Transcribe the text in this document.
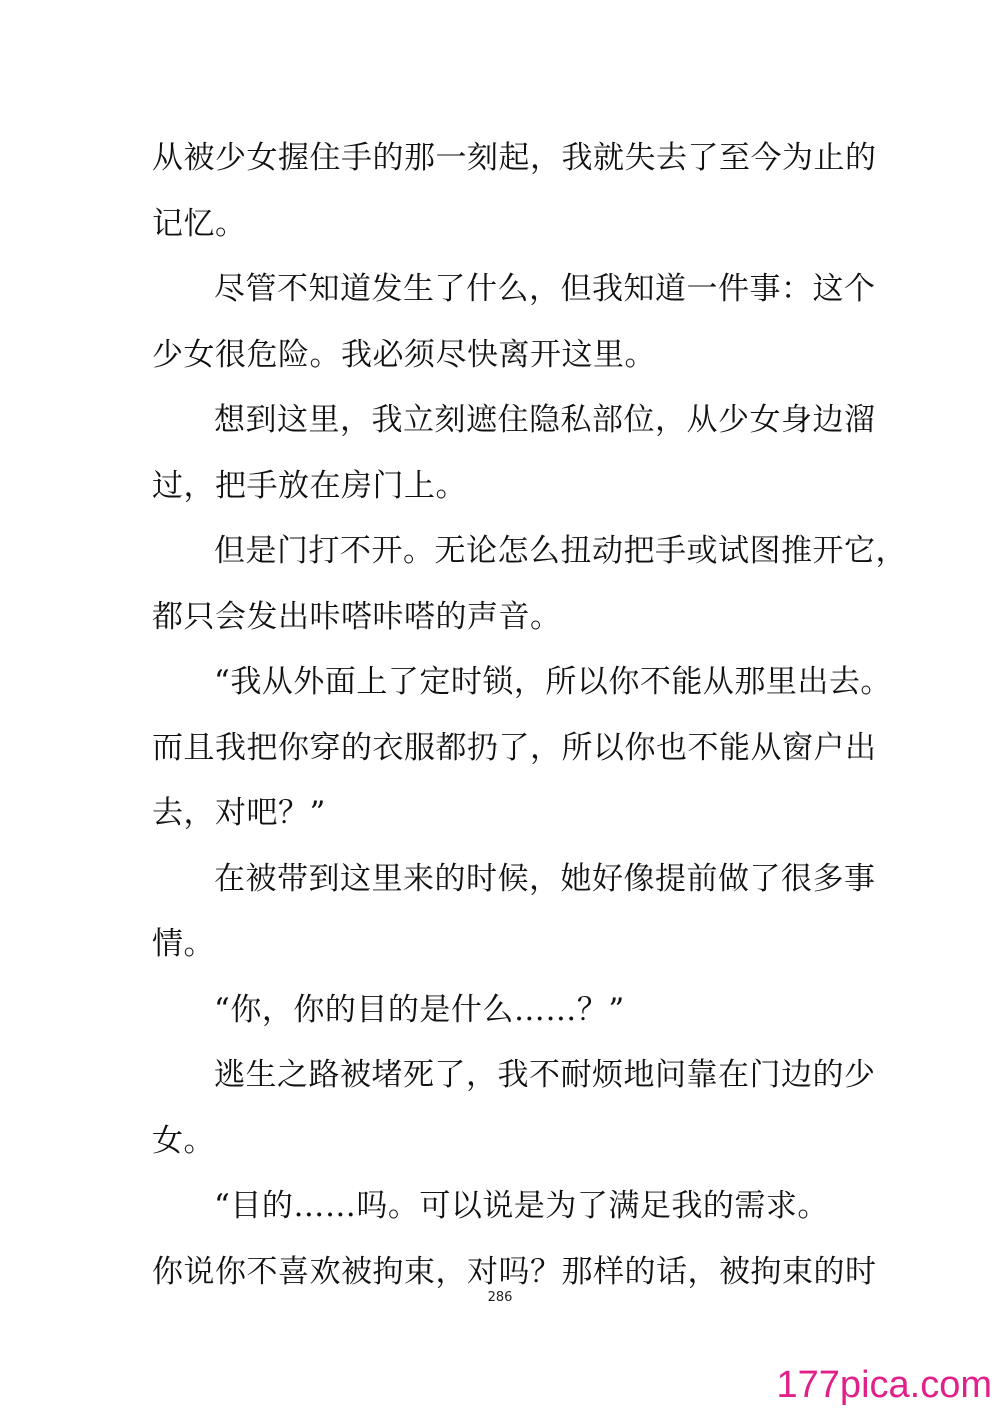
从被少女握住手的那一刻起，我就失去了至今为止的
记忆。
尽管不知道发生了什么，但我知道一件事：这个
少女很危险。我必须尽快离开这里。
想到这里，我立刻遮住隐私部位，从少女身边溜
过，把手放在房门上。
但是门打不开。无论怎么扭动把手或试图推开它，
都只会发出咔嗒咔嗒的声音。
“我从外面上了定时锁，所以你不能从那里出去。
而且我把你穿的衣服都扔了，所以你也不能从窗户出
去，对吧？”
在被带到这里来的时候，她好像提前做了很多事
情。
“你，你的目的是什么……？”
逃生之路被堵死了，我不耐烦地问靠在门边的少
女。
“目的……吗。可以说是为了满足我的需求。
你说你不喜欢被拘束，对吗？那样的话，被拘束的时
286
177pica.com
